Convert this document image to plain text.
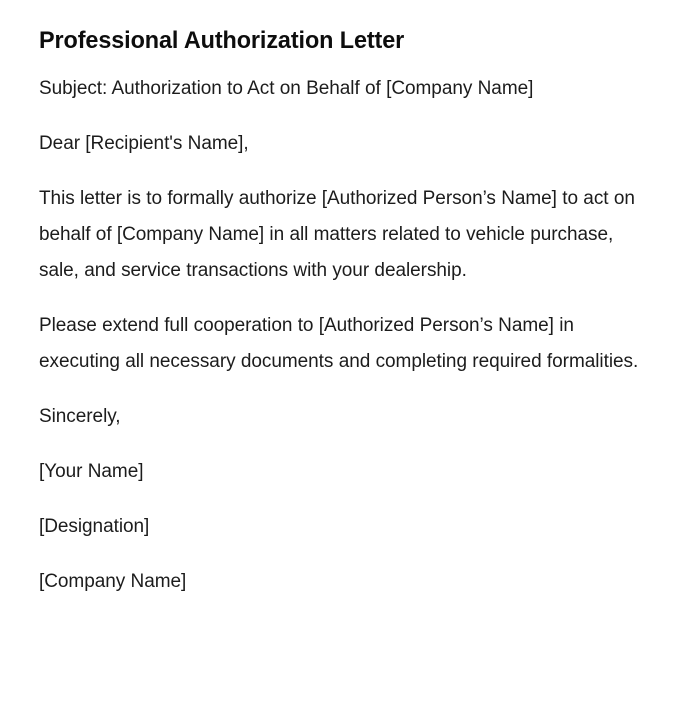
Professional Authorization Letter

Subject: Authorization to Act on Behalf of [Company Name]

Dear [Recipient's Name],

This letter is to formally authorize [Authorized Person’s Name] to act on behalf of [Company Name] in all matters related to vehicle purchase, sale, and service transactions with your dealership.

Please extend full cooperation to [Authorized Person’s Name] in executing all necessary documents and completing required formalities.

Sincerely,

[Your Name]

[Designation]

[Company Name]
